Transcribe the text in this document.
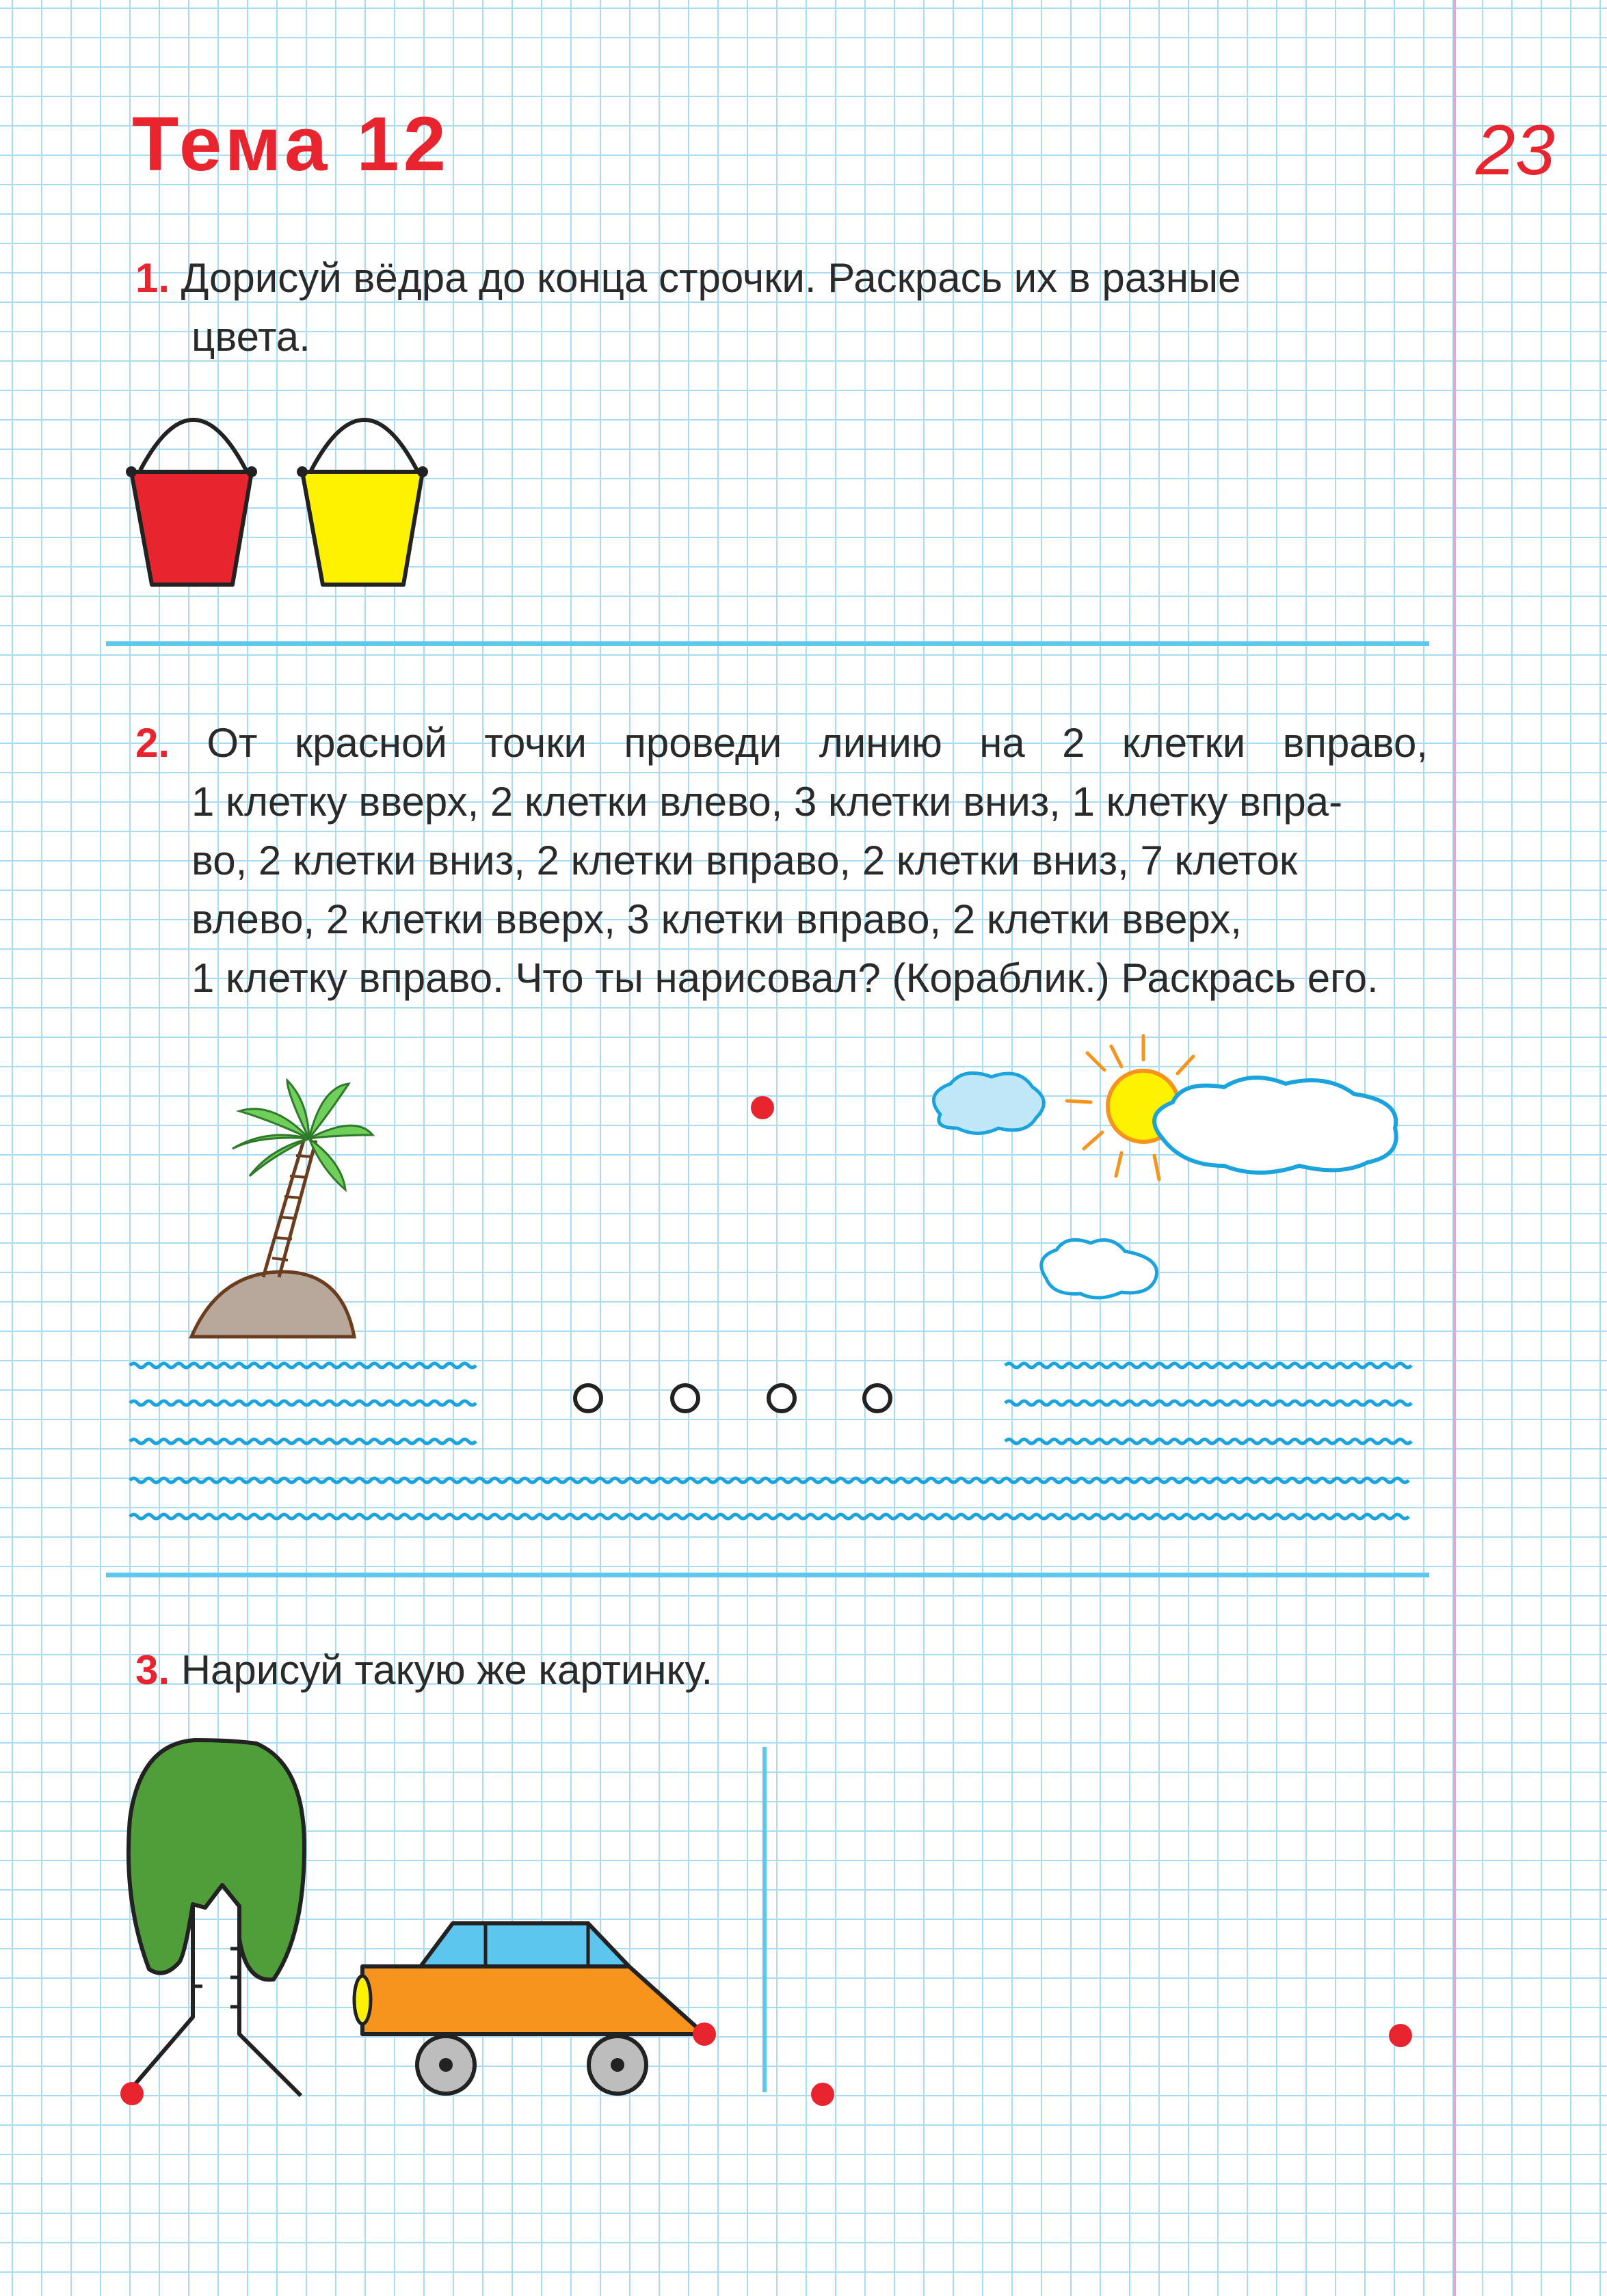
Тема 12	23
1. Дорисуй вёдра до конца строчки. Раскрась их в разные
цвета.
2. От красной точки проведи линию на 2 клетки вправо,
1 клетку вверх, 2 клетки влево, 3 клетки вниз, 1 клетку впра-
во, 2 клетки вниз, 2 клетки вправо, 2 клетки вниз, 7 клеток
влево, 2 клетки вверх, 3 клетки вправо, 2 клетки вверх,
1 клетку вправо. Что ты нарисовал? (Кораблик.) Раскрась его.
3. Нарисуй такую же картинку.
